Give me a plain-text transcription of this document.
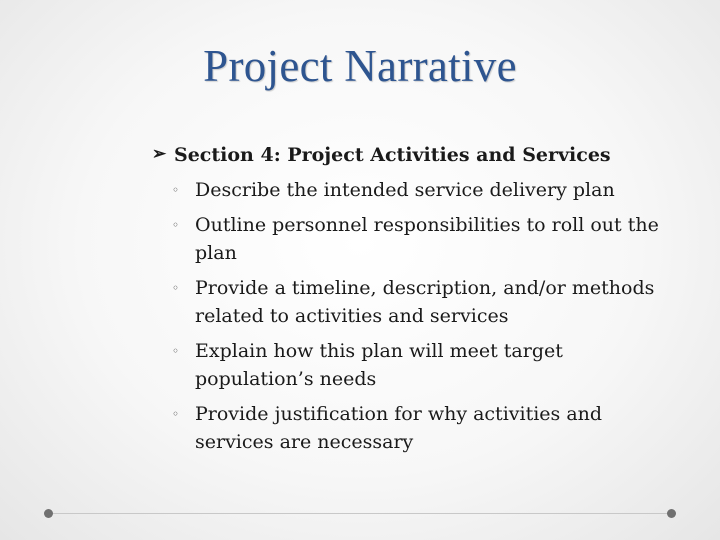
Project Narrative
➢ Section 4: Project Activities and Services
◦ Describe the intended service delivery plan
◦ Outline personnel responsibilities to roll out the plan
◦ Provide a timeline, description, and/or methods related to activities and services
◦ Explain how this plan will meet target population’s needs
◦ Provide justification for why activities and services are necessary
